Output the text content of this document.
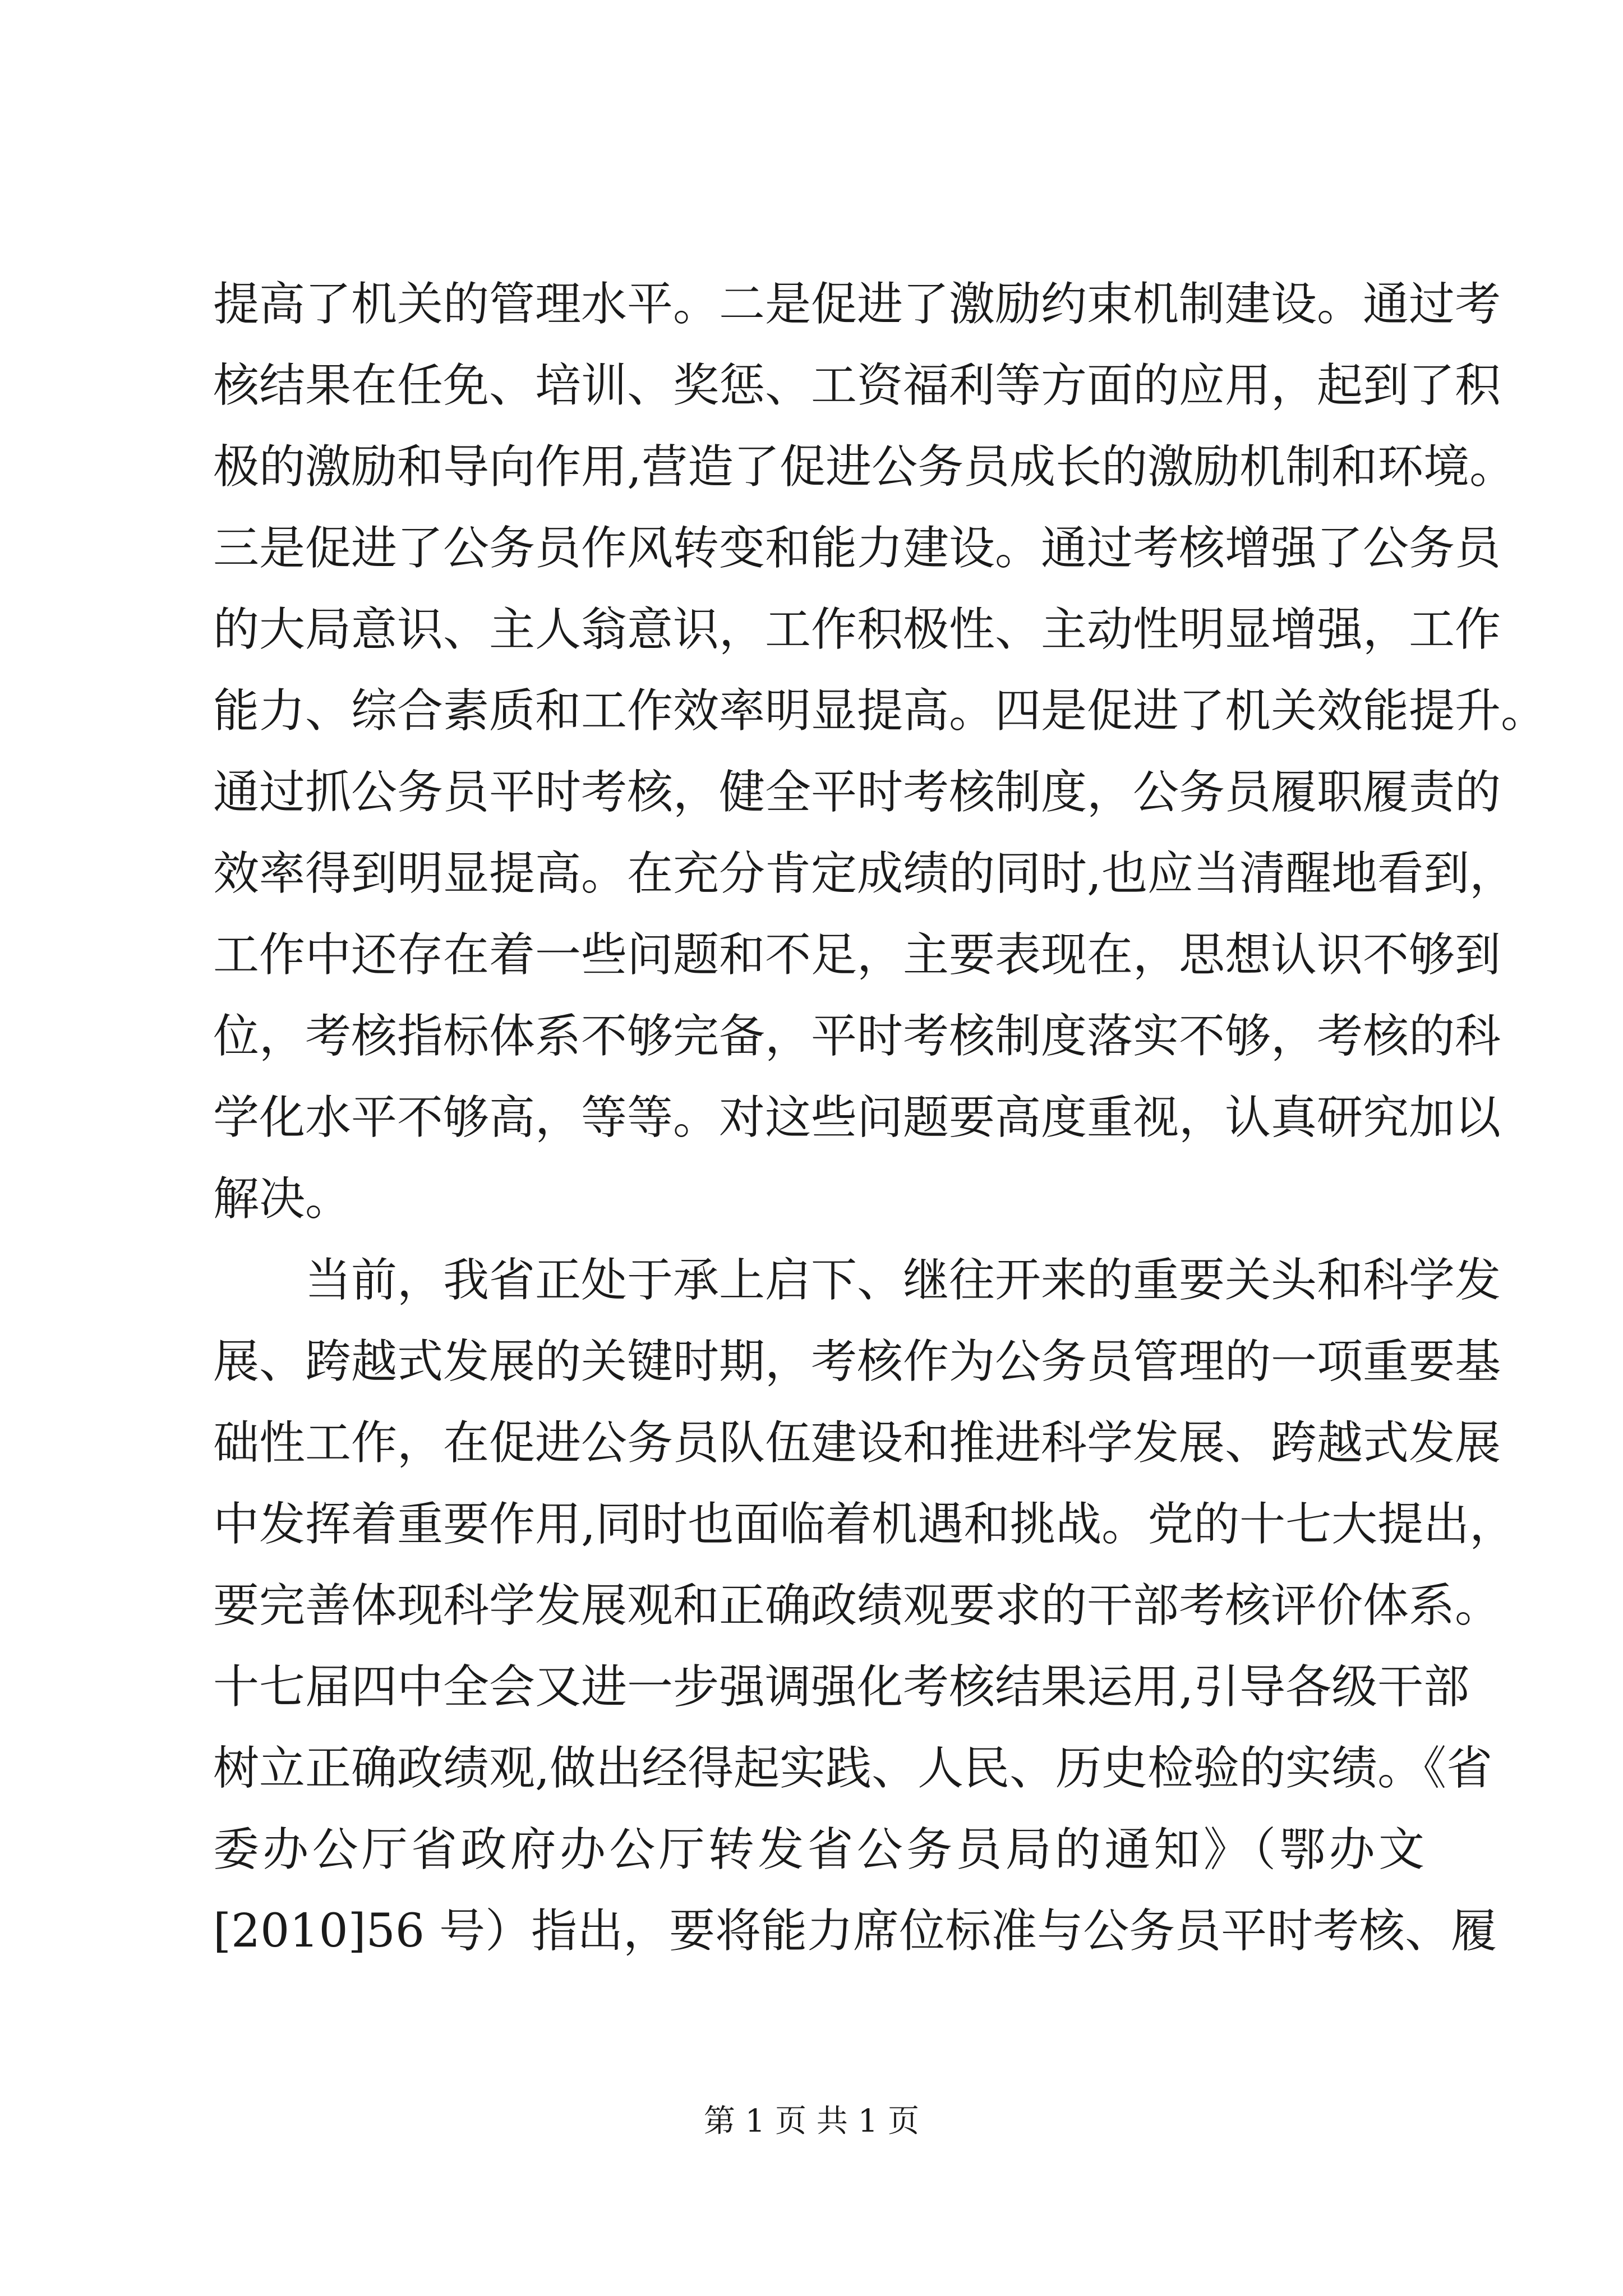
提高了机关的管理水平。二是促进了激励约束机制建设。通过考
核结果在任免、培训、奖惩、工资福利等方面的应用，起到了积
极的激励和导向作用,营造了促进公务员成长的激励机制和环境。
三是促进了公务员作风转变和能力建设。通过考核增强了公务员
的大局意识、主人翁意识，工作积极性、主动性明显增强，工作
能力、综合素质和工作效率明显提高。四是促进了机关效能提升。
通过抓公务员平时考核，健全平时考核制度，公务员履职履责的
效率得到明显提高。在充分肯定成绩的同时,也应当清醒地看到，
工作中还存在着一些问题和不足，主要表现在，思想认识不够到
位，考核指标体系不够完备，平时考核制度落实不够，考核的科
学化水平不够高，等等。对这些问题要高度重视，认真研究加以
解决。
当前，我省正处于承上启下、继往开来的重要关头和科学发
展、跨越式发展的关键时期，考核作为公务员管理的一项重要基
础性工作，在促进公务员队伍建设和推进科学发展、跨越式发展
中发挥着重要作用,同时也面临着机遇和挑战。党的十七大提出，
要完善体现科学发展观和正确政绩观要求的干部考核评价体系。
十七届四中全会又进一步强调强化考核结果运用,引导各级干部
树立正确政绩观,做出经得起实践、人民、历史检验的实绩。《省
委办公厅省政府办公厅转发省公务员局的通知》（鄂办文
[2010]56 号）指出，要将能力席位标准与公务员平时考核、履
第 1 页 共 1 页
